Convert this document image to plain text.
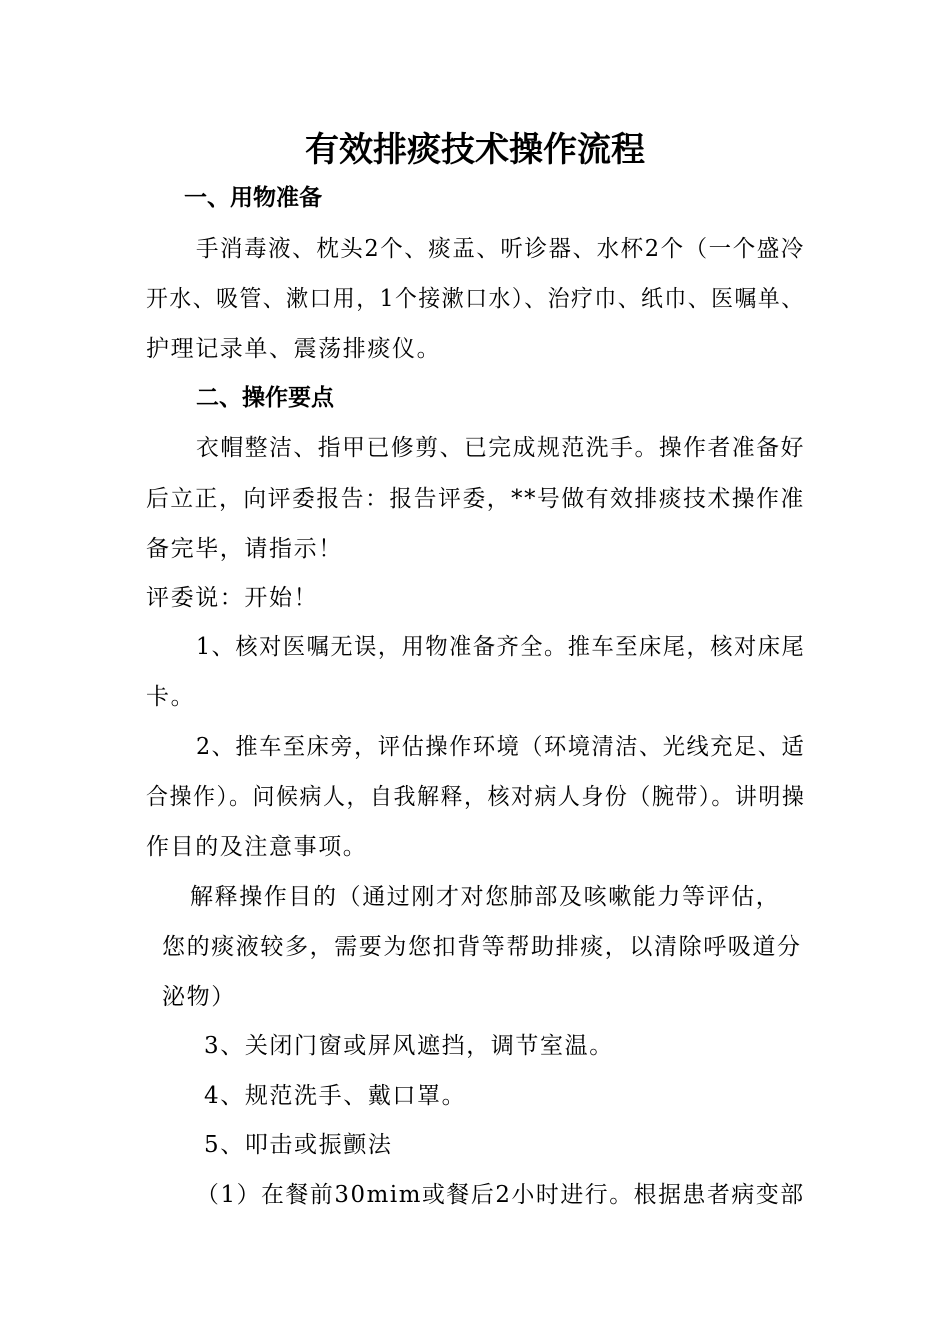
有效排痰技术操作流程
一、用物准备
手消毒液、枕头2个、痰盂、听诊器、水杯2个（一个盛冷
开水、吸管、漱口用，1个接漱口水）、治疗巾、纸巾、医嘱单、
护理记录单、震荡排痰仪。
二、操作要点
衣帽整洁、指甲已修剪、已完成规范洗手。操作者准备好
后立正，向评委报告：报告评委，**号做有效排痰技术操作准
备完毕，请指示！
评委说：开始！
1、核对医嘱无误，用物准备齐全。推车至床尾，核对床尾
卡。
2、推车至床旁，评估操作环境（环境清洁、光线充足、适
合操作）。问候病人，自我解释，核对病人身份（腕带）。讲明操
作目的及注意事项。
解释操作目的（通过刚才对您肺部及咳嗽能力等评估，
您的痰液较多，需要为您扣背等帮助排痰，以清除呼吸道分
泌物）
3、关闭门窗或屏风遮挡，调节室温。
4、规范洗手、戴口罩。
5、叩击或振颤法
（1）在餐前30mim或餐后2小时进行。根据患者病变部
